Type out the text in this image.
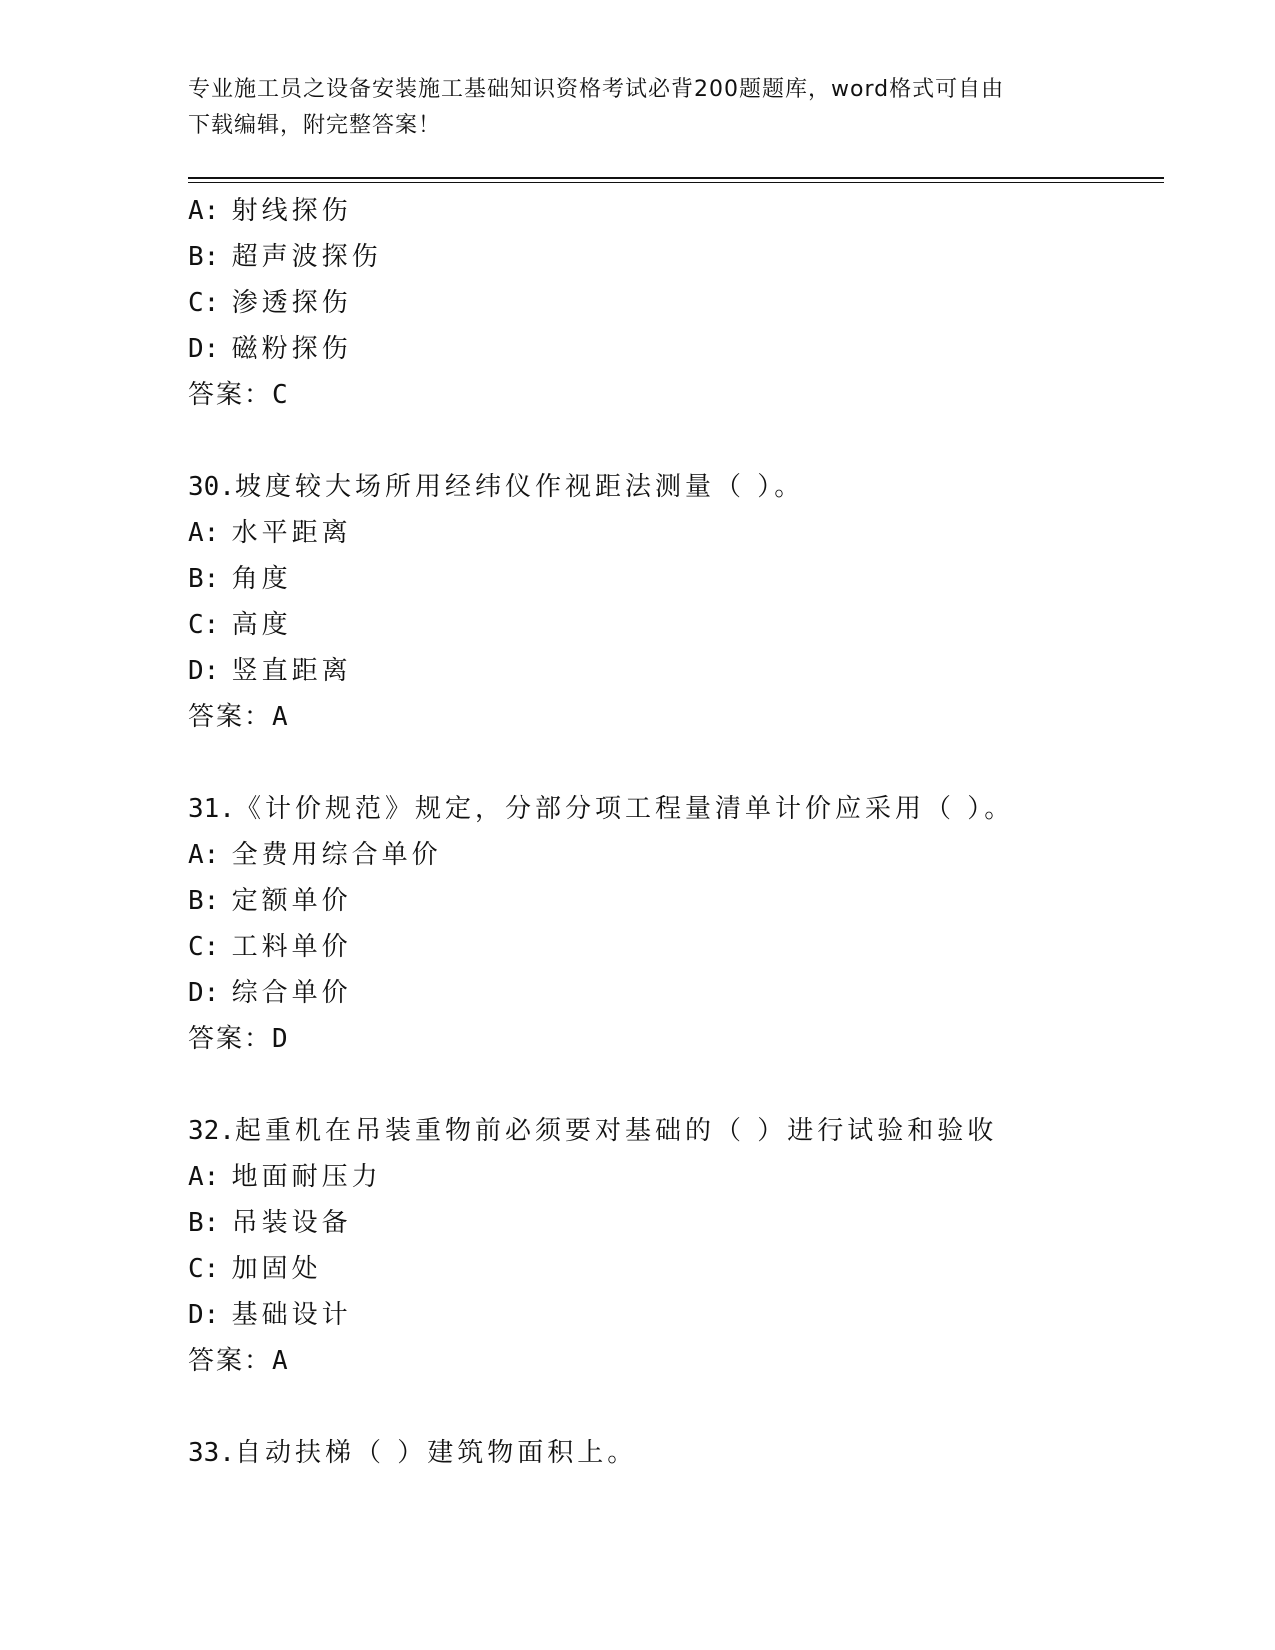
专业施工员之设备安装施工基础知识资格考试必背200题题库，word格式可自由
下载编辑，附完整答案！
A: 射线探伤
B: 超声波探伤
C: 渗透探伤
D: 磁粉探伤
答案：C
30.坡度较大场所用经纬仪作视距法测量（ ）。
A: 水平距离
B: 角度
C: 高度
D: 竖直距离
答案：A
31.《计价规范》规定，分部分项工程量清单计价应采用（ ）。
A: 全费用综合单价
B: 定额单价
C: 工料单价
D: 综合单价
答案：D
32.起重机在吊装重物前必须要对基础的（ ）进行试验和验收
A: 地面耐压力
B: 吊装设备
C: 加固处
D: 基础设计
答案：A
33.自动扶梯（ ）建筑物面积上。
